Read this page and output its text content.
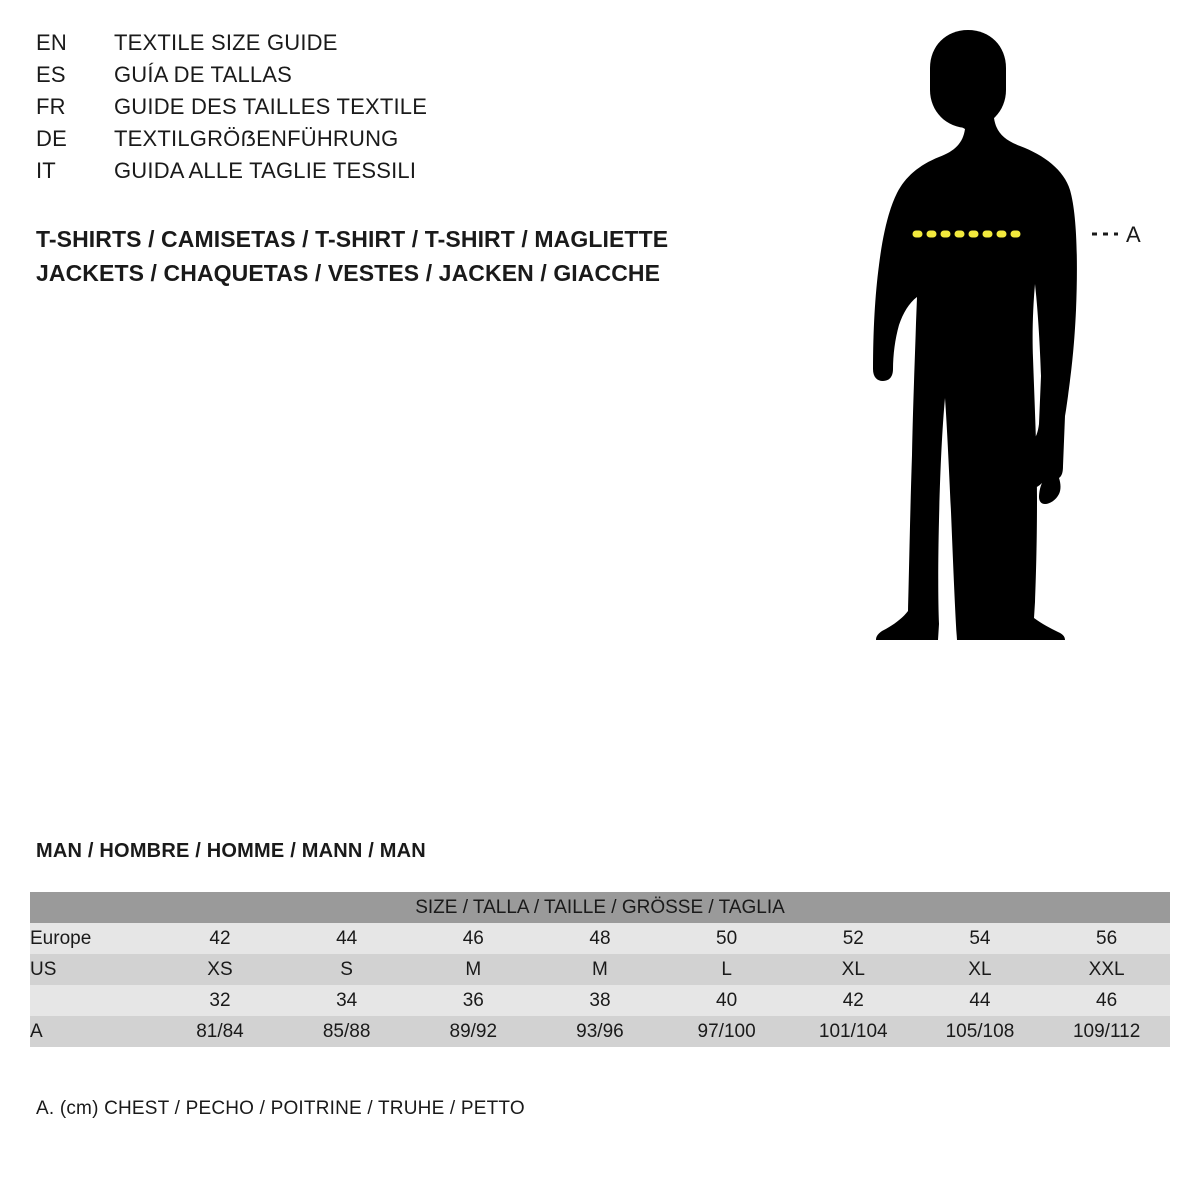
EN	TEXTILE SIZE GUIDE
ES	GUÍA DE TALLAS
FR	GUIDE DES TAILLES TEXTILE
DE	TEXTILGRÖẞENFÜHRUNG
IT	GUIDA ALLE TAGLIE TESSILI
T-SHIRTS / CAMISETAS / T-SHIRT / T-SHIRT / MAGLIETTE
JACKETS / CHAQUETAS / VESTES / JACKEN / GIACCHE
A
MAN / HOMBRE / HOMME / MANN / MAN
SIZE / TALLA / TAILLE / GRÖSSE / TAGLIA								
Europe	42	44	46	48	50	52	54	56
US	XS	S	M	M	L	XL	XL	XXL
	32	34	36	38	40	42	44	46
A	81/84	85/88	89/92	93/96	97/100	101/104	105/108	109/112
A. (cm) CHEST / PECHO / POITRINE / TRUHE / PETTO
